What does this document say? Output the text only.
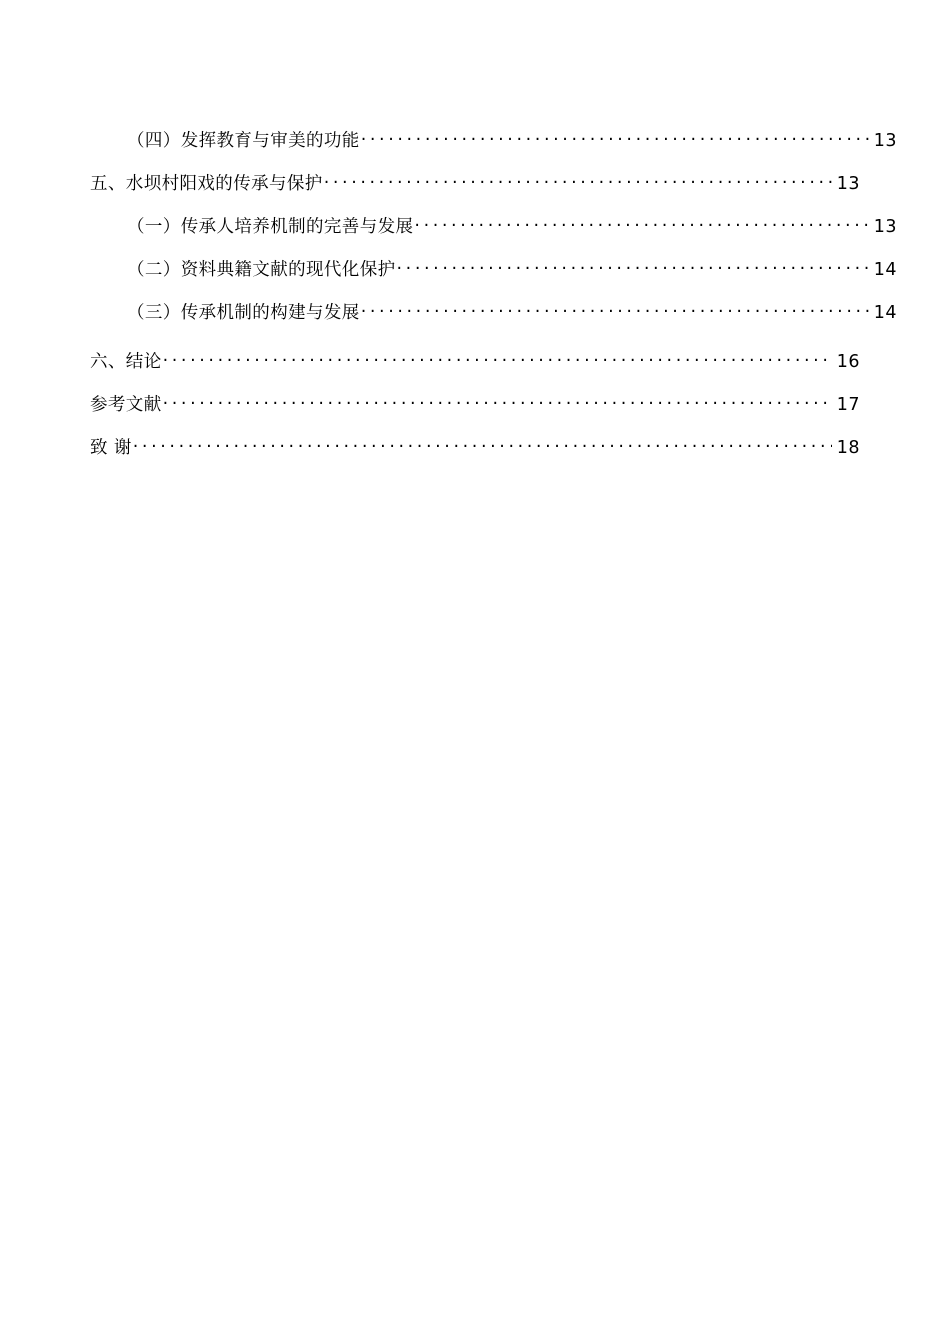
（四）发挥教育与审美的功能 .....	13
五、水坝村阳戏的传承与保护 .....	13
（一）传承人培养机制的完善与发展 .....	13
（二）资料典籍文献的现代化保护 .....	14
（三）传承机制的构建与发展 .....	14
六、结论 .....	16
参考文献 .....	17
致 谢 .....	18
